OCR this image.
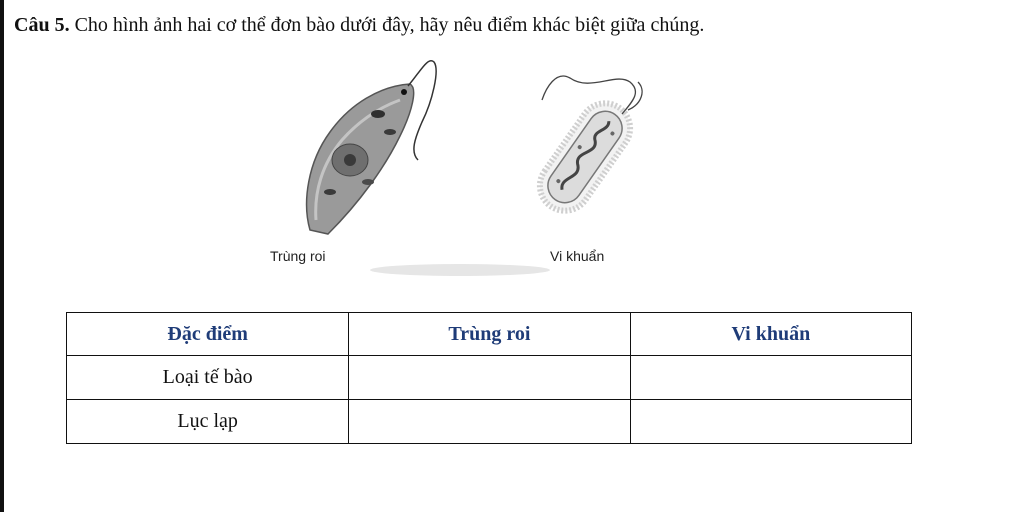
Câu 5. Cho hình ảnh hai cơ thể đơn bào dưới đây, hãy nêu điểm khác biệt giữa chúng.
Trùng roi	Vi khuẩn
Đặc điểm	Trùng roi	Vi khuẩn
Loại tế bào		
Lục lạp		
